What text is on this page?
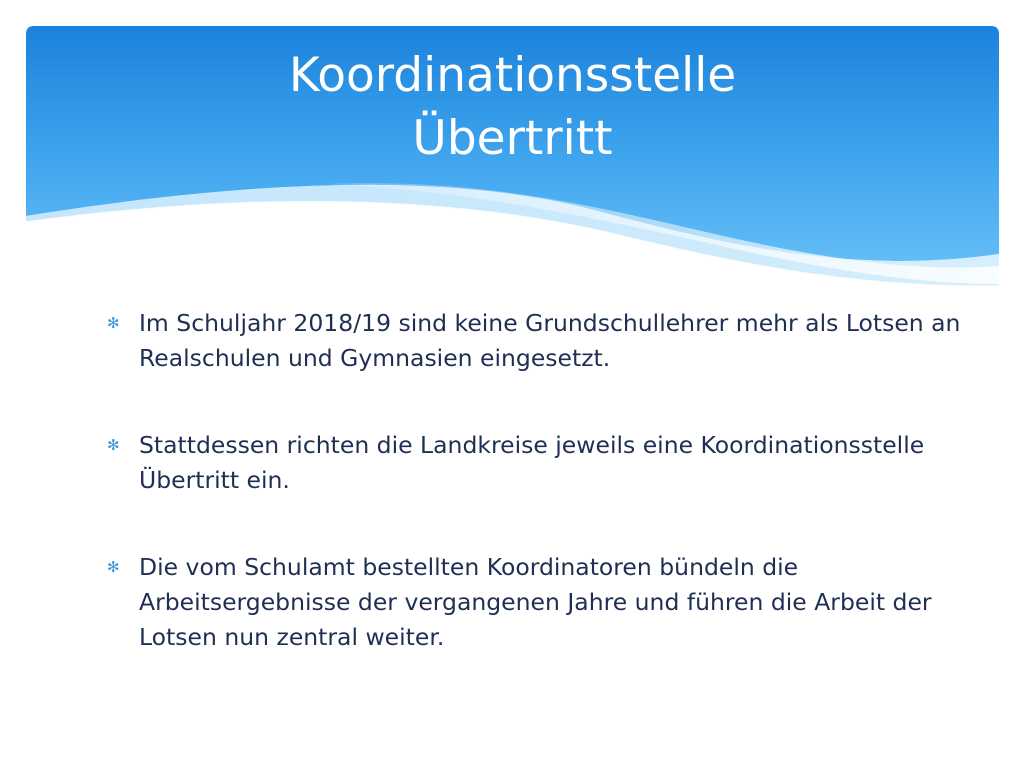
Koordinationsstelle
Übertritt
✻ Im Schuljahr 2018/19 sind keine Grundschullehrer mehr als Lotsen an Realschulen und Gymnasien eingesetzt.
✻ Stattdessen richten die Landkreise jeweils eine Koordinationsstelle Übertritt ein.
✻ Die vom Schulamt bestellten Koordinatoren bündeln die Arbeitsergebnisse der vergangenen Jahre und führen die Arbeit der Lotsen nun zentral weiter.
